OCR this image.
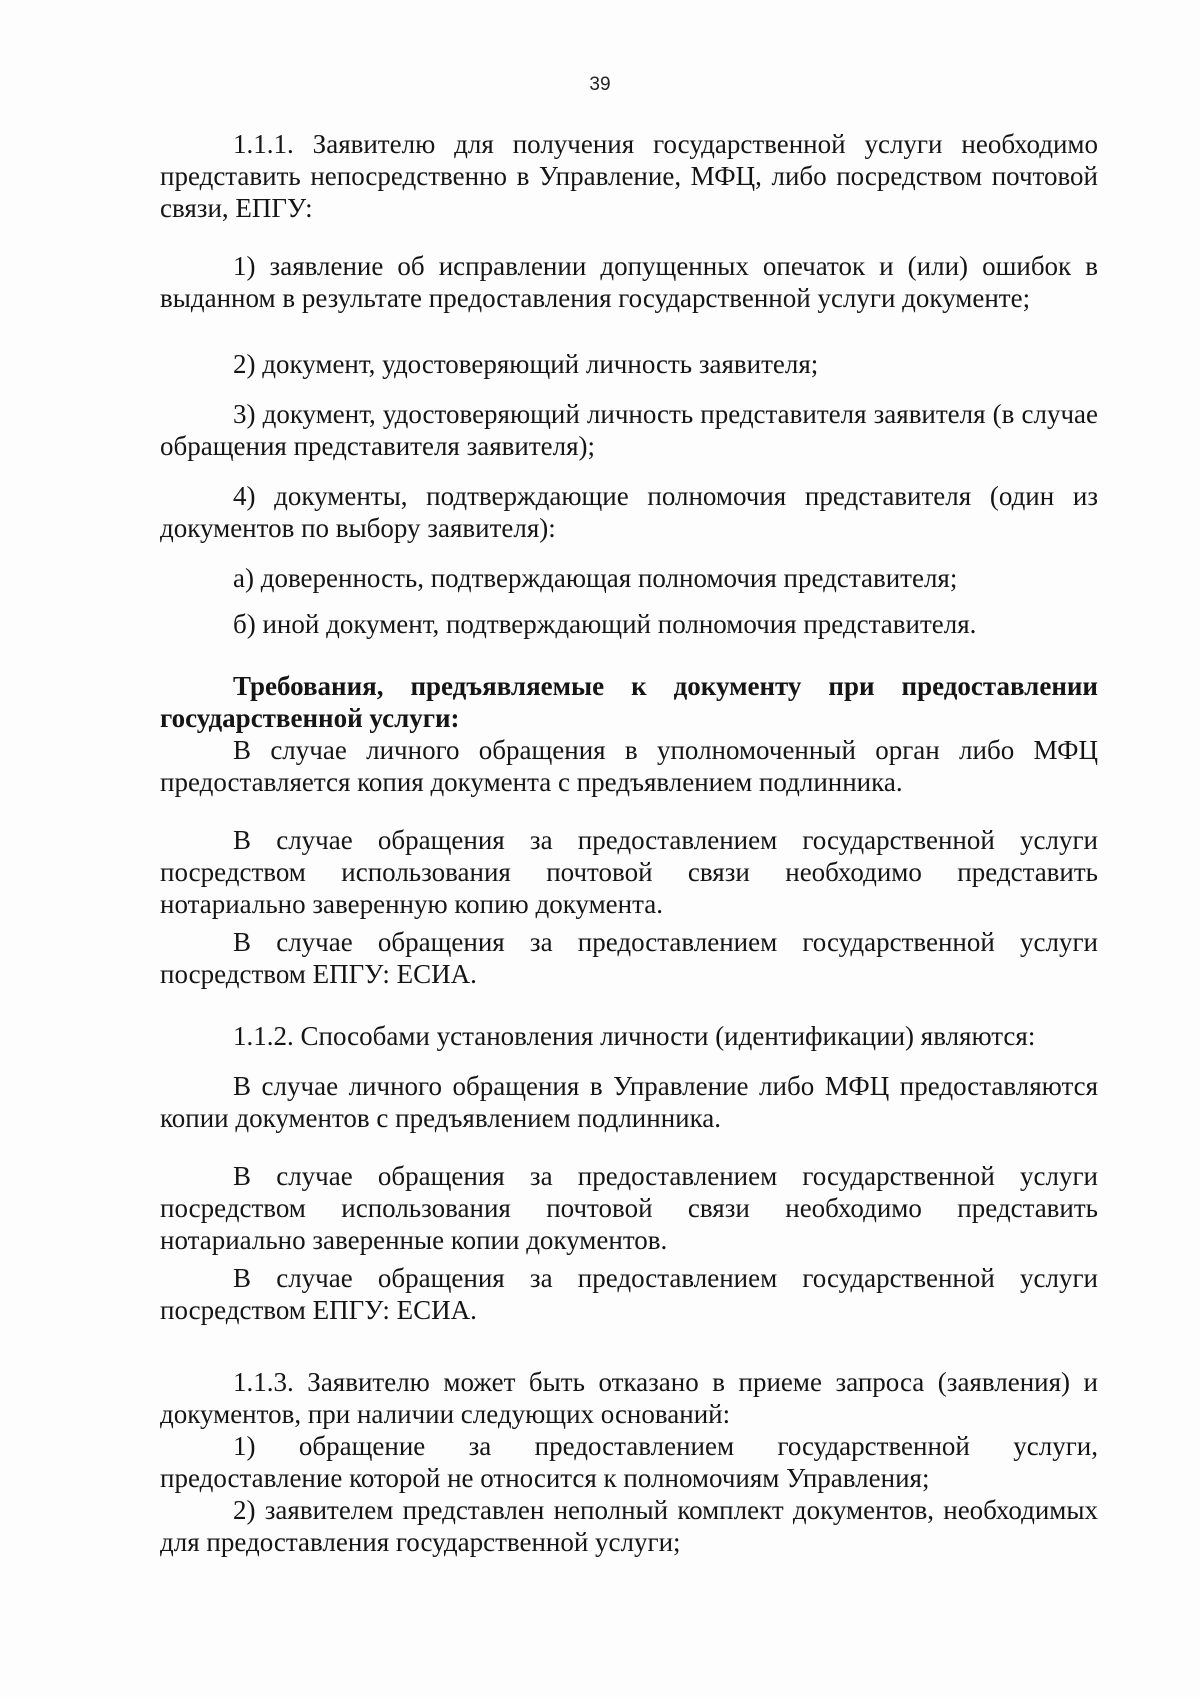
39

1.1.1. Заявителю для получения государственной услуги необходимо представить непосредственно в Управление, МФЦ, либо посредством почтовой связи, ЕПГУ:

1) заявление об исправлении допущенных опечаток и (или) ошибок в выданном в результате предоставления государственной услуги документе;

2) документ, удостоверяющий личность заявителя;

3) документ, удостоверяющий личность представителя заявителя (в случае обращения представителя заявителя);

4) документы, подтверждающие полномочия представителя (один из документов по выбору заявителя):

а) доверенность, подтверждающая полномочия представителя;

б) иной документ, подтверждающий полномочия представителя.

Требования, предъявляемые к документу при предоставлении государственной услуги:

В случае личного обращения в уполномоченный орган либо МФЦ предоставляется копия документа с предъявлением подлинника.

В случае обращения за предоставлением государственной услуги посредством использования почтовой связи необходимо представить нотариально заверенную копию документа.

В случае обращения за предоставлением государственной услуги посредством ЕПГУ: ЕСИА.

1.1.2. Способами установления личности (идентификации) являются:

В случае личного обращения в Управление либо МФЦ предоставляются копии документов с предъявлением подлинника.

В случае обращения за предоставлением государственной услуги посредством использования почтовой связи необходимо представить нотариально заверенные копии документов.

В случае обращения за предоставлением государственной услуги посредством ЕПГУ: ЕСИА.

1.1.3. Заявителю может быть отказано в приеме запроса (заявления) и документов, при наличии следующих оснований:

1) обращение за предоставлением государственной услуги, предоставление которой не относится к полномочиям Управления;

2) заявителем представлен неполный комплект документов, необходимых для предоставления государственной услуги;
